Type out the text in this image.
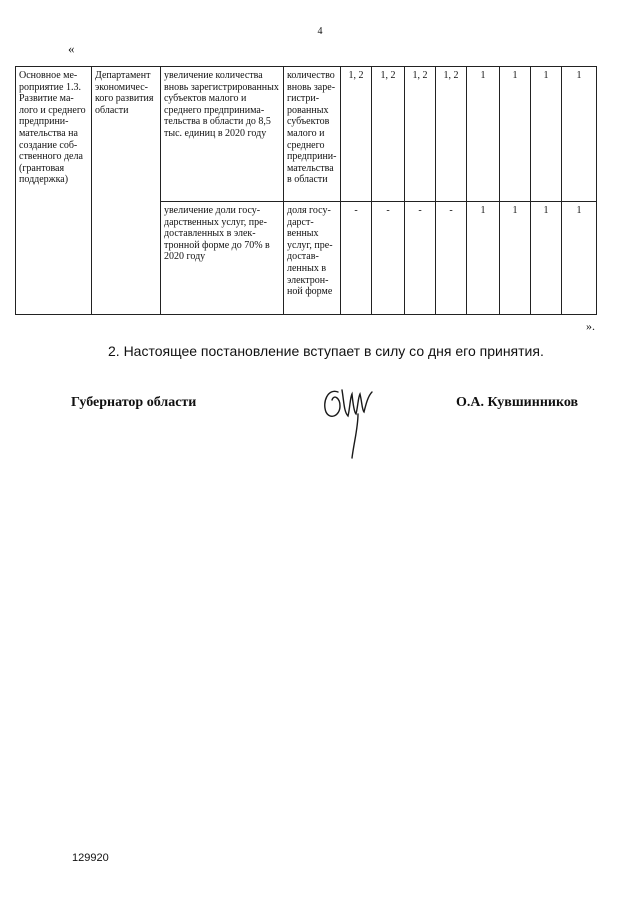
4
«
Основное мероприятие 1.3. Развитие малого и среднего предпринимательства на создание собственного дела (грантовая поддержка)	Департамент экономического развития области	увеличение количества вновь зарегистрированных субъектов малого и среднего предпринимательства в области до 8,5 тыс. единиц в 2020 году	количество вновь зарегистрированных субъектов малого и среднего предпринимательства в области	1, 2	1, 2	1, 2	1, 2	1	1	1	1
		увеличение доли государственных услуг, предоставленных в электронной форме до 70% в 2020 году	доля государственных услуг, предоставленных в электронной форме	-	-	-	-	1	1	1	1
».
2. Настоящее постановление вступает в силу со дня его принятия.
Губернатор области	О.А. Кувшинников
129920
